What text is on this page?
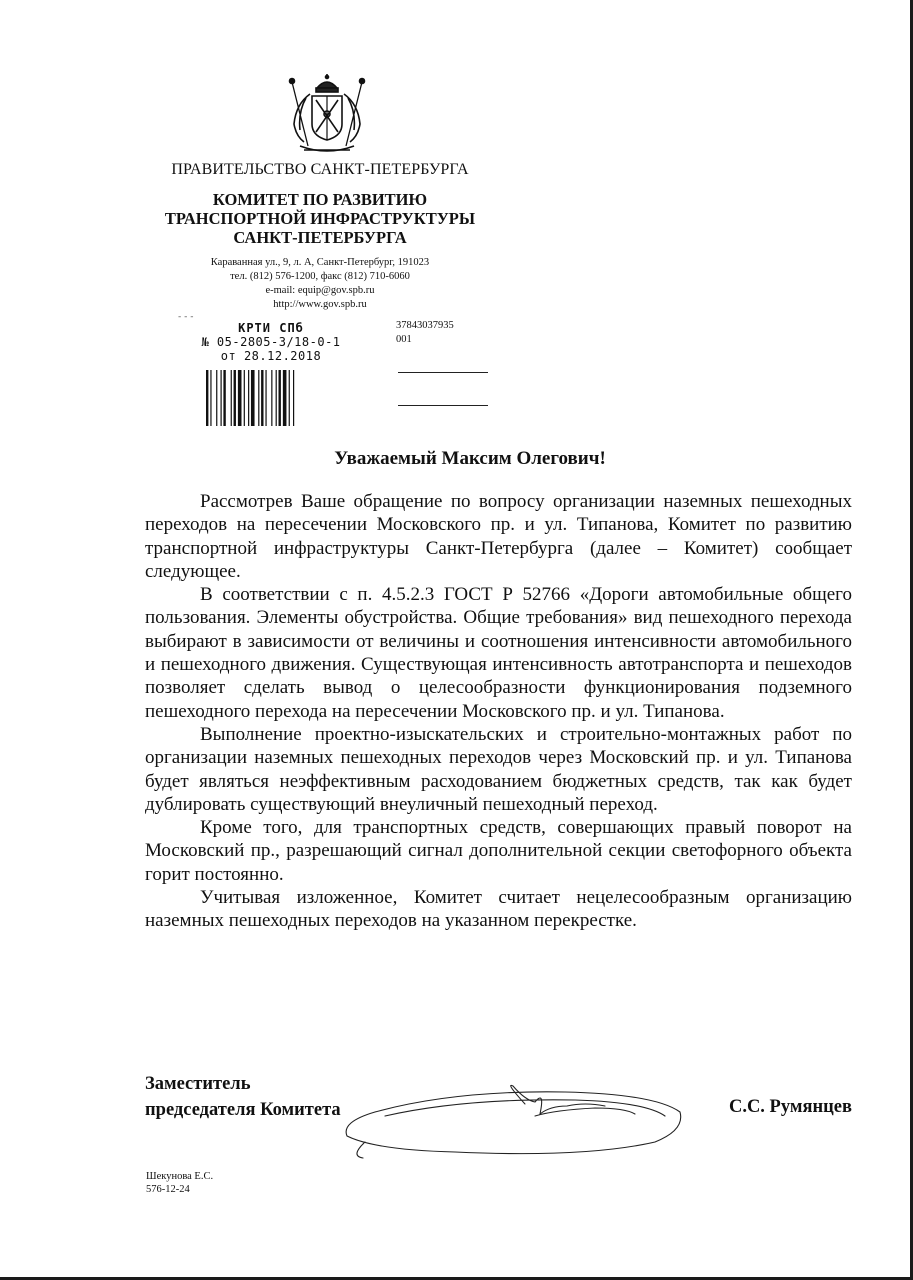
ПРАВИТЕЛЬСТВО САНКТ-ПЕТЕРБУРГА
КОМИТЕТ ПО РАЗВИТИЮ
ТРАНСПОРТНОЙ ИНФРАСТРУКТУРЫ
САНКТ-ПЕТЕРБУРГА
Караванная ул., 9, л. А, Санкт-Петербург, 191023
тел. (812) 576-1200, факс (812) 710-6060
e-mail: equip@gov.spb.ru
http://www.gov.spb.ru
- - -
КРТИ СПб
№ 05-2805-3/18-0-1
от 28.12.2018
37843037935
001
Уважаемый Максим Олегович!

Рассмотрев Ваше обращение по вопросу организации наземных пешеходных переходов на пересечении Московского пр. и ул. Типанова, Комитет по развитию транспортной инфраструктуры Санкт-Петербурга (далее – Комитет) сообщает следующее.

В соответствии с п. 4.5.2.3 ГОСТ Р 52766 «Дороги автомобильные общего пользования. Элементы обустройства. Общие требования» вид пешеходного перехода выбирают в зависимости от величины и соотношения интенсивности автомобильного и пешеходного движения. Существующая интенсивность автотранспорта и пешеходов позволяет сделать вывод о целесообразности функционирования подземного пешеходного перехода на пересечении Московского пр. и ул. Типанова.

Выполнение проектно-изыскательских и строительно-монтажных работ по организации наземных пешеходных переходов через Московский пр. и ул. Типанова будет являться неэффективным расходованием бюджетных средств, так как будет дублировать существующий внеуличный пешеходный переход.

Кроме того, для транспортных средств, совершающих правый поворот на Московский пр., разрешающий сигнал дополнительной секции светофорного объекта горит постоянно.

Учитывая изложенное, Комитет считает нецелесообразным организацию наземных пешеходных переходов на указанном перекрестке.

Заместитель
председателя Комитета	С.С. Румянцев
Шекунова Е.С.
576-12-24
